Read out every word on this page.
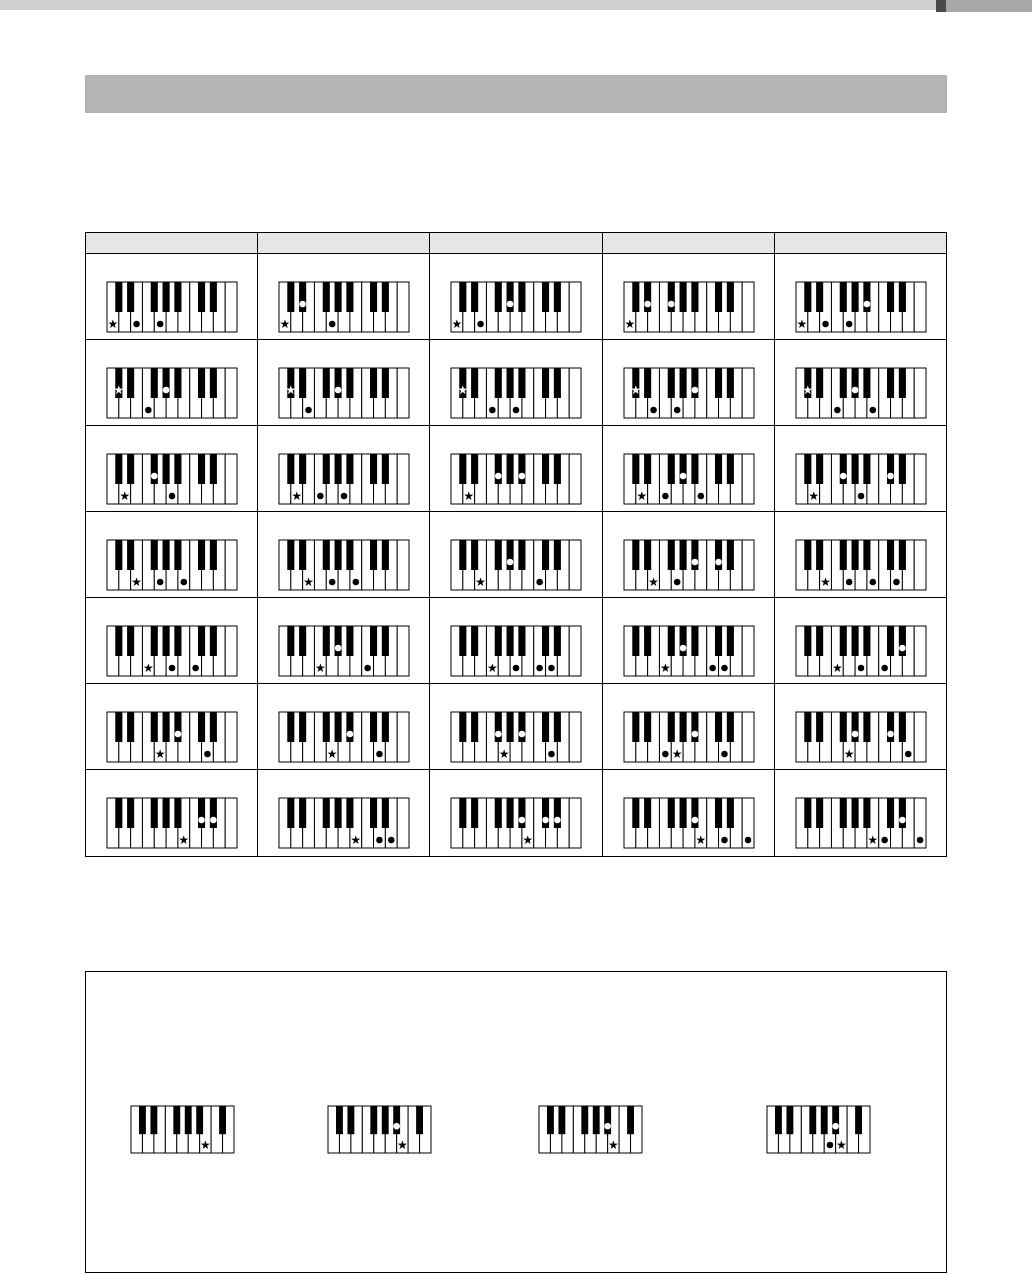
★	★	★	★	★
★	★	★	★	★
★	★	★	★	★
★	★	★	★	★
★	★	★	★	★
★	★	★	★	★
★	★	★	★	★
★	★	★	★
